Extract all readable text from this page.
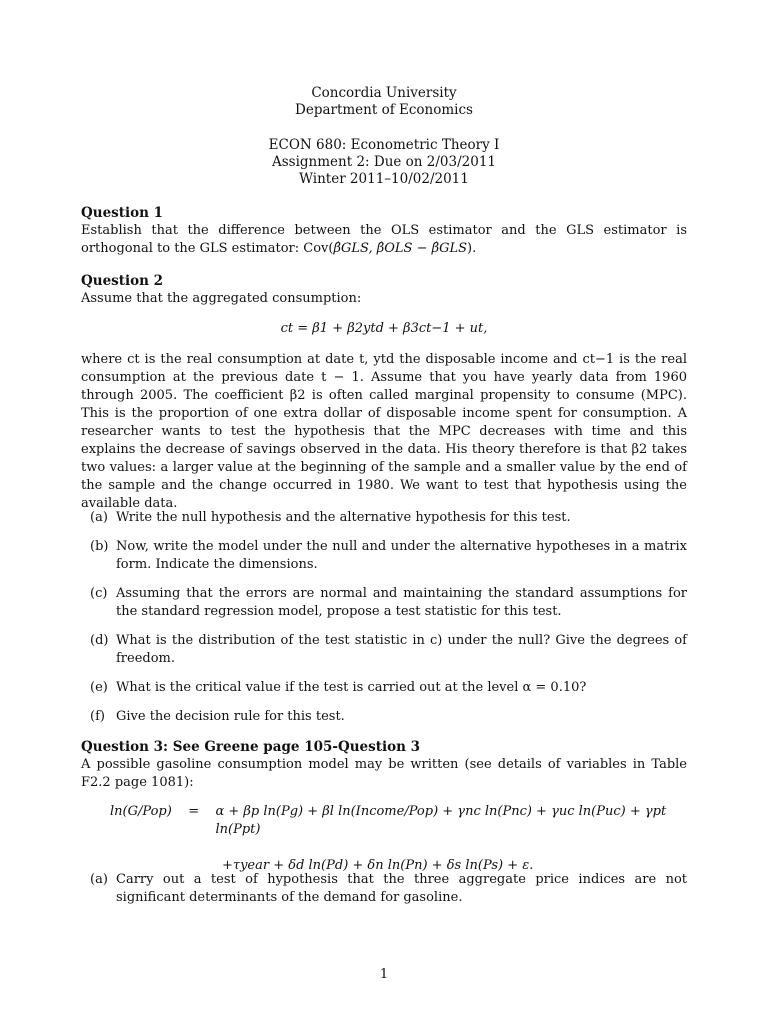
Concordia University
Department of Economics
ECON 680: Econometric Theory I
Assignment 2: Due on 2/03/2011
Winter 2011–10/02/2011
Question 1

Establish that the difference between the OLS estimator and the GLS estimator is orthogonal to the GLS estimator: Cov(β̂GLS, β̂OLS − β̂GLS).

Question 2

Assume that the aggregated consumption:

ct = β1 + β2ytd + β3ct−1 + ut,

where ct is the real consumption at date t, ytd the disposable income and ct−1 is the real consumption at the previous date t − 1. Assume that you have yearly data from 1960 through 2005. The coefficient β2 is often called marginal propensity to consume (MPC). This is the proportion of one extra dollar of disposable income spent for consumption. A researcher wants to test the hypothesis that the MPC decreases with time and this explains the decrease of savings observed in the data. His theory therefore is that β2 takes two values: a larger value at the beginning of the sample and a smaller value by the end of the sample and the change occurred in 1980. We want to test that hypothesis using the available data.

(a) Write the null hypothesis and the alternative hypothesis for this test.
(b) Now, write the model under the null and under the alternative hypotheses in a matrix form. Indicate the dimensions.
(c) Assuming that the errors are normal and maintaining the standard assumptions for the standard regression model, propose a test statistic for this test.
(d) What is the distribution of the test statistic in c) under the null? Give the degrees of freedom.
(e) What is the critical value if the test is carried out at the level α = 0.10?
(f) Give the decision rule for this test.
Question 3: See Greene page 105-Question 3

A possible gasoline consumption model may be written (see details of variables in Table F2.2 page 1081):

ln(G/Pop)	=	α + βp ln(Pg) + βl ln(Income/Pop) + γnc ln(Pnc) + γuc ln(Puc) + γpt ln(Ppt)
+τyear + δd ln(Pd) + δn ln(Pn) + δs ln(Ps) + ε.
(a) Carry out a test of hypothesis that the three aggregate price indices are not significant determinants of the demand for gasoline.
1
